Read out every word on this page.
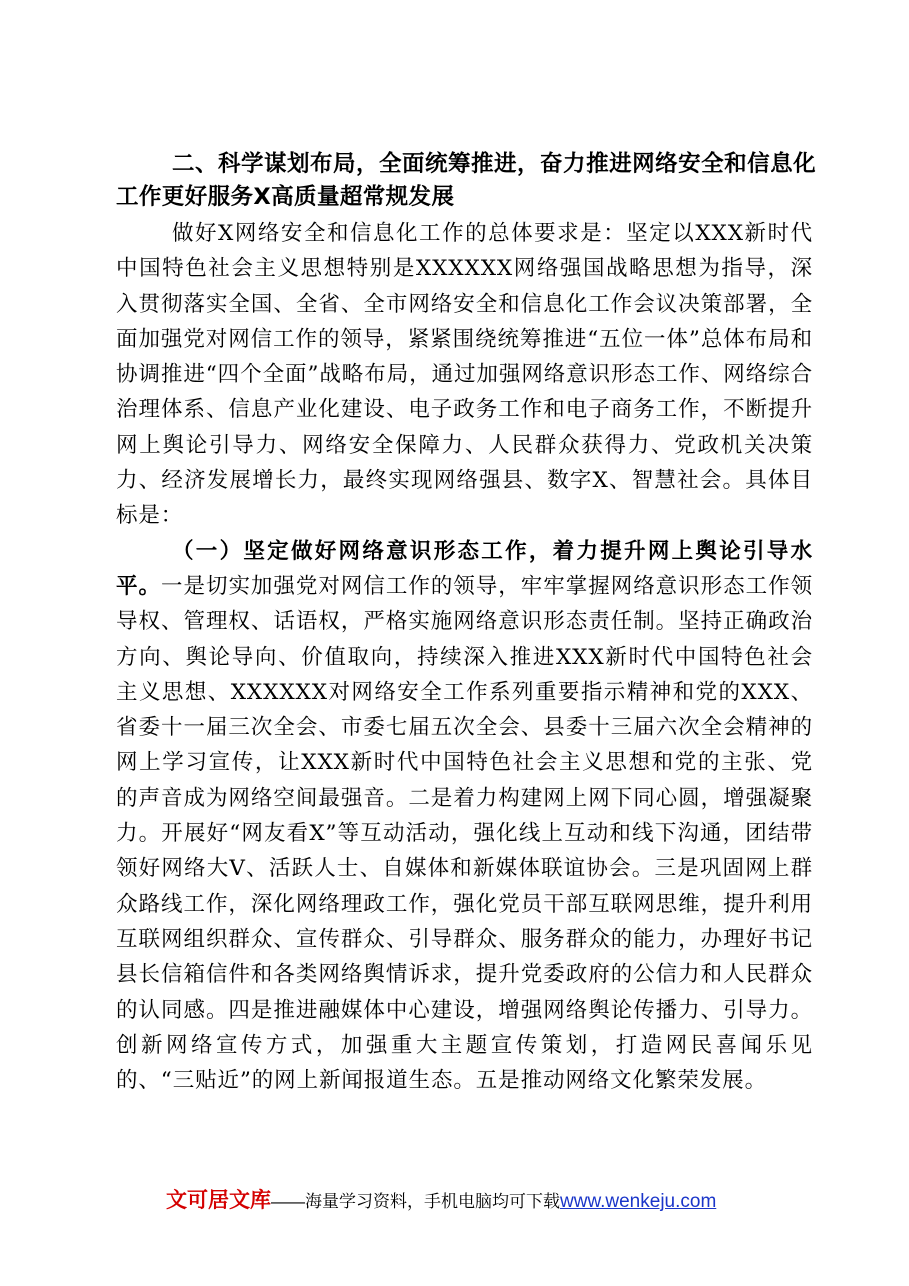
二、科学谋划布局，全面统筹推进，奋力推进网络安全和信息化工作更好服务X高质量超常规发展

做好X网络安全和信息化工作的总体要求是：坚定以XXX新时代中国特色社会主义思想特别是XXXXXX网络强国战略思想为指导，深入贯彻落实全国、全省、全市网络安全和信息化工作会议决策部署，全面加强党对网信工作的领导，紧紧围绕统筹推进“五位一体”总体布局和协调推进“四个全面”战略布局，通过加强网络意识形态工作、网络综合治理体系、信息产业化建设、电子政务工作和电子商务工作，不断提升网上舆论引导力、网络安全保障力、人民群众获得力、党政机关决策力、经济发展增长力，最终实现网络强县、数字X、智慧社会。具体目标是：

（一）坚定做好网络意识形态工作，着力提升网上舆论引导水平。一是切实加强党对网信工作的领导，牢牢掌握网络意识形态工作领导权、管理权、话语权，严格实施网络意识形态责任制。坚持正确政治方向、舆论导向、价值取向，持续深入推进XXX新时代中国特色社会主义思想、XXXXXX对网络安全工作系列重要指示精神和党的XXX、省委十一届三次全会、市委七届五次全会、县委十三届六次全会精神的网上学习宣传，让XXX新时代中国特色社会主义思想和党的主张、党的声音成为网络空间最强音。二是着力构建网上网下同心圆，增强凝聚力。开展好“网友看X”等互动活动，强化线上互动和线下沟通，团结带领好网络大V、活跃人士、自媒体和新媒体联谊协会。三是巩固网上群众路线工作，深化网络理政工作，强化党员干部互联网思维，提升利用互联网组织群众、宣传群众、引导群众、服务群众的能力，办理好书记县长信箱信件和各类网络舆情诉求，提升党委政府的公信力和人民群众的认同感。四是推进融媒体中心建设，增强网络舆论传播力、引导力。创新网络宣传方式，加强重大主题宣传策划，打造网民喜闻乐见的、“三贴近”的网上新闻报道生态。五是推动网络文化繁荣发展。

文可居文库——海量学习资料，手机电脑均可下载www.wenkeju.com
